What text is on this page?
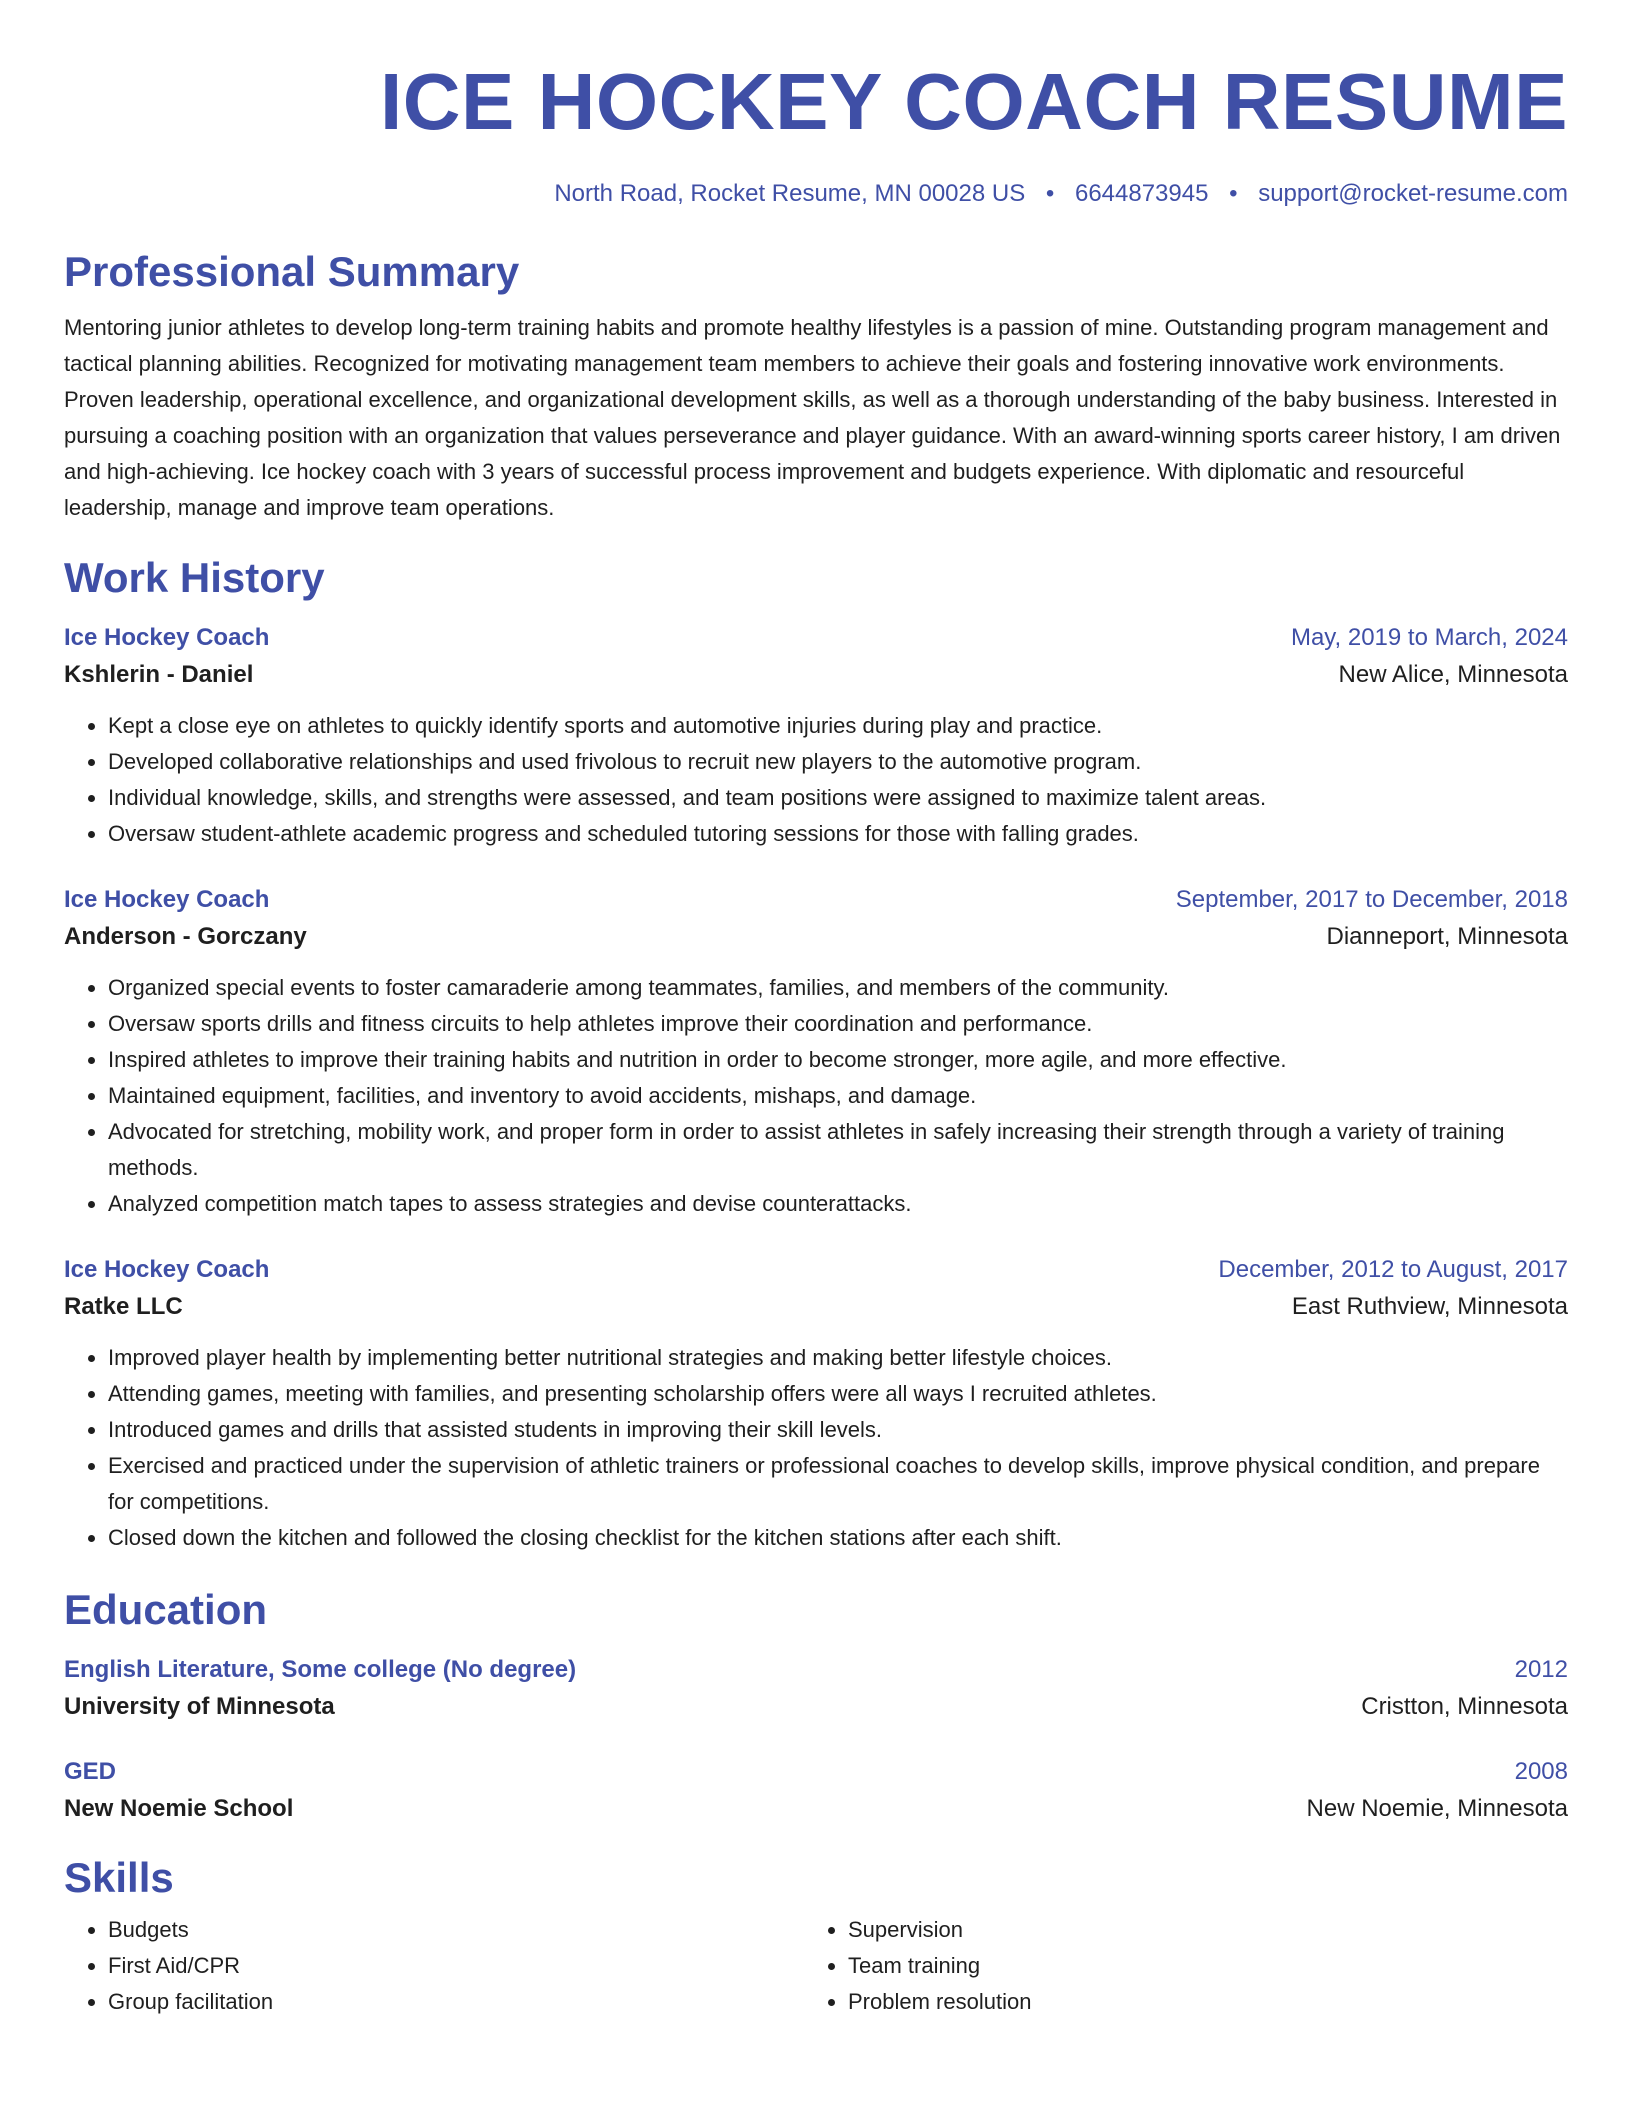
ICE HOCKEY COACH RESUME
North Road, Rocket Resume, MN 00028 US • 6644873945 • support@rocket-resume.com
Professional Summary
Mentoring junior athletes to develop long-term training habits and promote healthy lifestyles is a passion of mine. Outstanding program management and tactical planning abilities. Recognized for motivating management team members to achieve their goals and fostering innovative work environments. Proven leadership, operational excellence, and organizational development skills, as well as a thorough understanding of the baby business. Interested in pursuing a coaching position with an organization that values perseverance and player guidance. With an award-winning sports career history, I am driven and high-achieving. Ice hockey coach with 3 years of successful process improvement and budgets experience. With diplomatic and resourceful leadership, manage and improve team operations.
Work History
Ice Hockey Coach	May, 2019 to March, 2024
Kshlerin - Daniel	New Alice, Minnesota
• Kept a close eye on athletes to quickly identify sports and automotive injuries during play and practice.
• Developed collaborative relationships and used frivolous to recruit new players to the automotive program.
• Individual knowledge, skills, and strengths were assessed, and team positions were assigned to maximize talent areas.
• Oversaw student-athlete academic progress and scheduled tutoring sessions for those with falling grades.
Ice Hockey Coach	September, 2017 to December, 2018
Anderson - Gorczany	Dianneport, Minnesota
• Organized special events to foster camaraderie among teammates, families, and members of the community.
• Oversaw sports drills and fitness circuits to help athletes improve their coordination and performance.
• Inspired athletes to improve their training habits and nutrition in order to become stronger, more agile, and more effective.
• Maintained equipment, facilities, and inventory to avoid accidents, mishaps, and damage.
• Advocated for stretching, mobility work, and proper form in order to assist athletes in safely increasing their strength through a variety of training methods.
• Analyzed competition match tapes to assess strategies and devise counterattacks.
Ice Hockey Coach	December, 2012 to August, 2017
Ratke LLC	East Ruthview, Minnesota
• Improved player health by implementing better nutritional strategies and making better lifestyle choices.
• Attending games, meeting with families, and presenting scholarship offers were all ways I recruited athletes.
• Introduced games and drills that assisted students in improving their skill levels.
• Exercised and practiced under the supervision of athletic trainers or professional coaches to develop skills, improve physical condition, and prepare for competitions.
• Closed down the kitchen and followed the closing checklist for the kitchen stations after each shift.
Education
English Literature, Some college (No degree)	2012
University of Minnesota	Cristton, Minnesota
GED	2008
New Noemie School	New Noemie, Minnesota
Skills
• Budgets
• First Aid/CPR
• Group facilitation
• Supervision
• Team training
• Problem resolution
